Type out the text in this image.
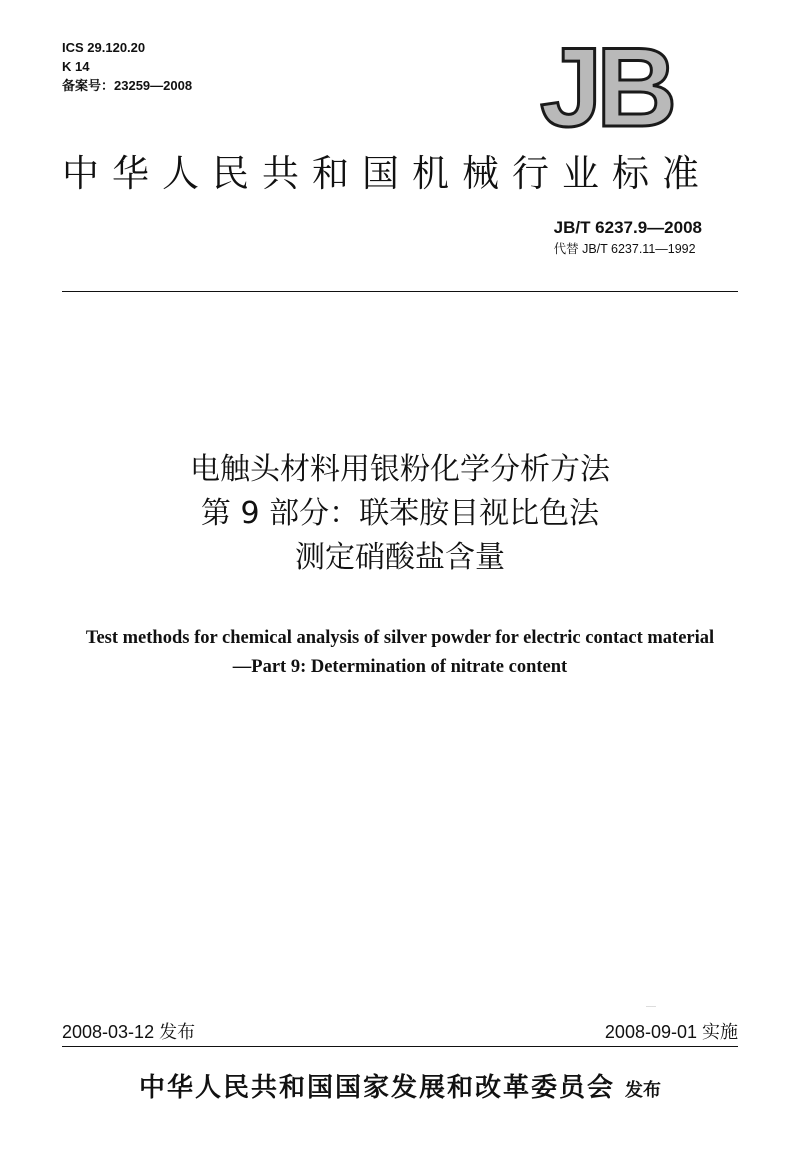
ICS 29.120.20
K 14
备案号：23259—2008	JB
中华人民共和国机械行业标准
JB/T 6237.9—2008
代替 JB/T 6237.11—1992
电触头材料用银粉化学分析方法
第 9 部分：联苯胺目视比色法
测定硝酸盐含量
Test methods for chemical analysis of silver powder for electric contact material
—Part 9: Determination of nitrate content
·····
2008-03-12 发布	2008-09-01 实施
中华人民共和国国家发展和改革委员会 发布
